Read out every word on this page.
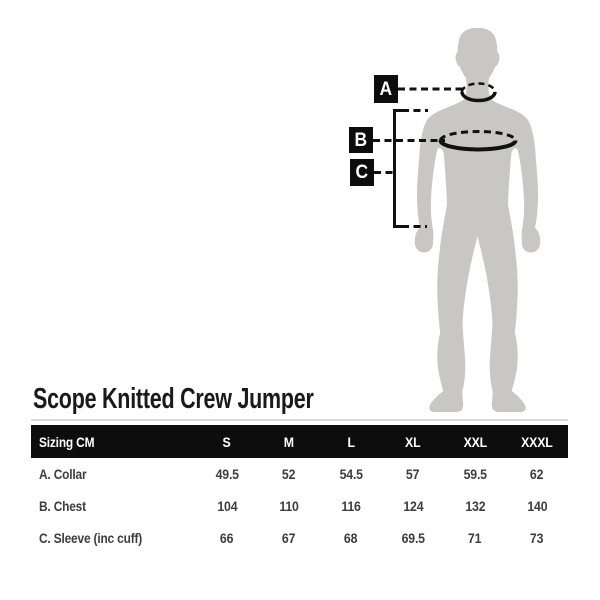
A
B
C
Scope Knitted Crew Jumper
Sizing CM	S	M	L	XL	XXL	XXXL
A. Collar	49.5	52	54.5	57	59.5	62
B. Chest	104	110	116	124	132	140
C. Sleeve (inc cuff)	66	67	68	69.5	71	73
